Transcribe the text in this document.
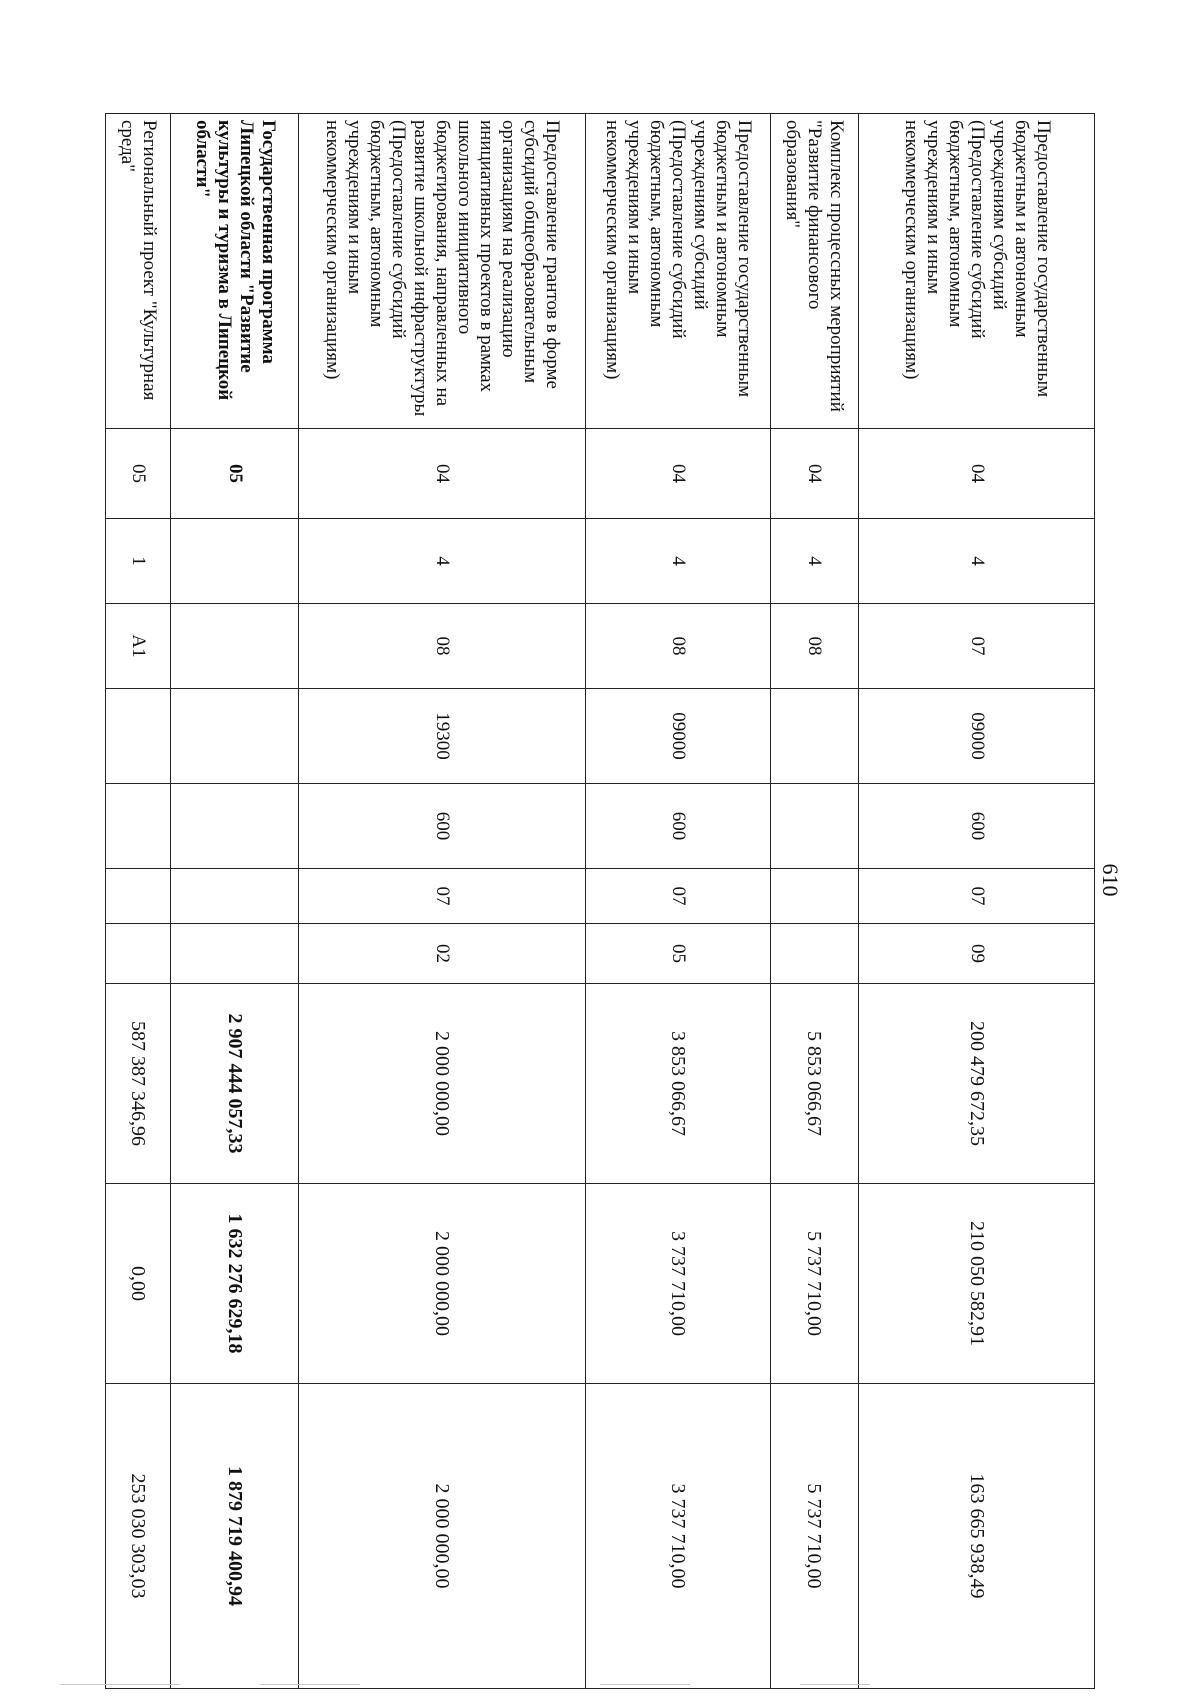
610
Предоставление государственным бюджетным и автономным учреждениям субсидий (Предоставление субсидий бюджетным, автономным учреждениям и иным некоммерческим организациям)	04	4	07	09000	600	07	09	200 479 672,35	210 050 582,91	163 665 938,49
Комплекс процессных мероприятий "Развитие финансового образования"	04	4	08					5 853 066,67	5 737 710,00	5 737 710,00
Предоставление государственным бюджетным и автономным учреждениям субсидий (Предоставление субсидий бюджетным, автономным учреждениям и иным некоммерческим организациям)	04	4	08	09000	600	07	05	3 853 066,67	3 737 710,00	3 737 710,00
Предоставление грантов в форме субсидий общеобразовательным организациям на реализацию инициативных проектов в рамках школьного инициативного бюджетирования, направленных на развитие школьной инфраструктуры (Предоставление субсидий бюджетным, автономным учреждениям и иным некоммерческим организациям)	04	4	08	19300	600	07	02	2 000 000,00	2 000 000,00	2 000 000,00
Государственная программа Липецкой области "Развитие культуры и туризма в Липецкой области"	05							2 907 444 057,33	1 632 276 629,18	1 879 719 400,94
Региональный проект "Культурная среда"	05	1	А1					587 387 346,96	0,00	253 030 303,03
